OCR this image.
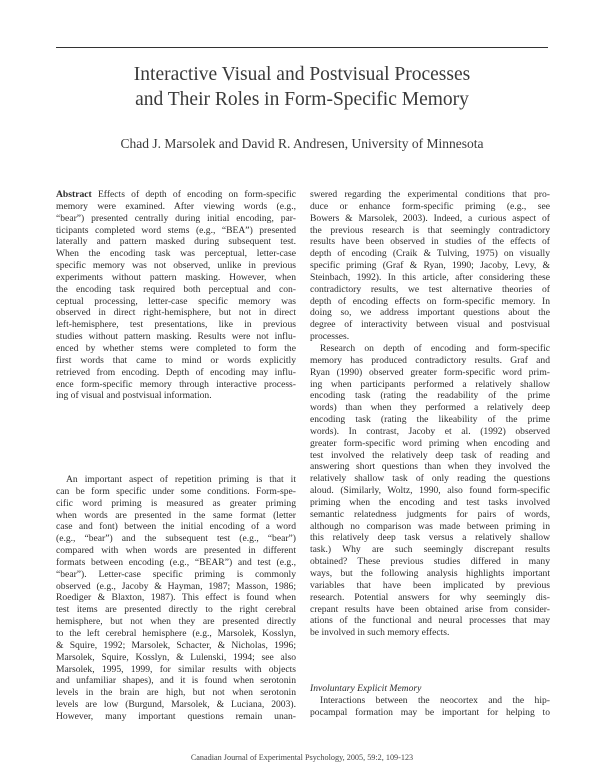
Interactive Visual and Postvisual Processes
and Their Roles in Form-Specific Memory
Chad J. Marsolek and David R. Andresen, University of Minnesota
Abstract Effects of depth of encoding on form-specific
memory were examined. After viewing words (e.g.,
“bear”) presented centrally during initial encoding, par-
ticipants completed word stems (e.g., “BEA”) presented
laterally and pattern masked during subsequent test.
When the encoding task was perceptual, letter-case
specific memory was not observed, unlike in previous
experiments without pattern masking. However, when
the encoding task required both perceptual and con-
ceptual processing, letter-case specific memory was
observed in direct right-hemisphere, but not in direct
left-hemisphere, test presentations, like in previous
studies without pattern masking. Results were not influ-
enced by whether stems were completed to form the
first words that came to mind or words explicitly
retrieved from encoding. Depth of encoding may influ-
ence form-specific memory through interactive process-
ing of visual and postvisual information.
An important aspect of repetition priming is that it
can be form specific under some conditions. Form-spe-
cific word priming is measured as greater priming
when words are presented in the same format (letter
case and font) between the initial encoding of a word
(e.g., “bear”) and the subsequent test (e.g., “bear”)
compared with when words are presented in different
formats between encoding (e.g., “BEAR”) and test (e.g.,
“bear”). Letter-case specific priming is commonly
observed (e.g., Jacoby & Hayman, 1987; Masson, 1986;
Roediger & Blaxton, 1987). This effect is found when
test items are presented directly to the right cerebral
hemisphere, but not when they are presented directly
to the left cerebral hemisphere (e.g., Marsolek, Kosslyn,
& Squire, 1992; Marsolek, Schacter, & Nicholas, 1996;
Marsolek, Squire, Kosslyn, & Lulenski, 1994; see also
Marsolek, 1995, 1999, for similar results with objects
and unfamiliar shapes), and it is found when serotonin
levels in the brain are high, but not when serotonin
levels are low (Burgund, Marsolek, & Luciana, 2003).
However, many important questions remain unan-
swered regarding the experimental conditions that pro-
duce or enhance form-specific priming (e.g., see
Bowers & Marsolek, 2003). Indeed, a curious aspect of
the previous research is that seemingly contradictory
results have been observed in studies of the effects of
depth of encoding (Craik & Tulving, 1975) on visually
specific priming (Graf & Ryan, 1990; Jacoby, Levy, &
Steinbach, 1992). In this article, after considering these
contradictory results, we test alternative theories of
depth of encoding effects on form-specific memory. In
doing so, we address important questions about the
degree of interactivity between visual and postvisual
processes.
Research on depth of encoding and form-specific
memory has produced contradictory results. Graf and
Ryan (1990) observed greater form-specific word prim-
ing when participants performed a relatively shallow
encoding task (rating the readability of the prime
words) than when they performed a relatively deep
encoding task (rating the likeability of the prime
words). In contrast, Jacoby et al. (1992) observed
greater form-specific word priming when encoding and
test involved the relatively deep task of reading and
answering short questions than when they involved the
relatively shallow task of only reading the questions
aloud. (Similarly, Woltz, 1990, also found form-specific
priming when the encoding and test tasks involved
semantic relatedness judgments for pairs of words,
although no comparison was made between priming in
this relatively deep task versus a relatively shallow
task.) Why are such seemingly discrepant results
obtained? These previous studies differed in many
ways, but the following analysis highlights important
variables that have been implicated by previous
research. Potential answers for why seemingly dis-
crepant results have been obtained arise from consider-
ations of the functional and neural processes that may
be involved in such memory effects.
Involuntary Explicit Memory
Interactions between the neocortex and the hip-
pocampal formation may be important for helping to
Canadian Journal of Experimental Psychology, 2005, 59:2, 109-123
